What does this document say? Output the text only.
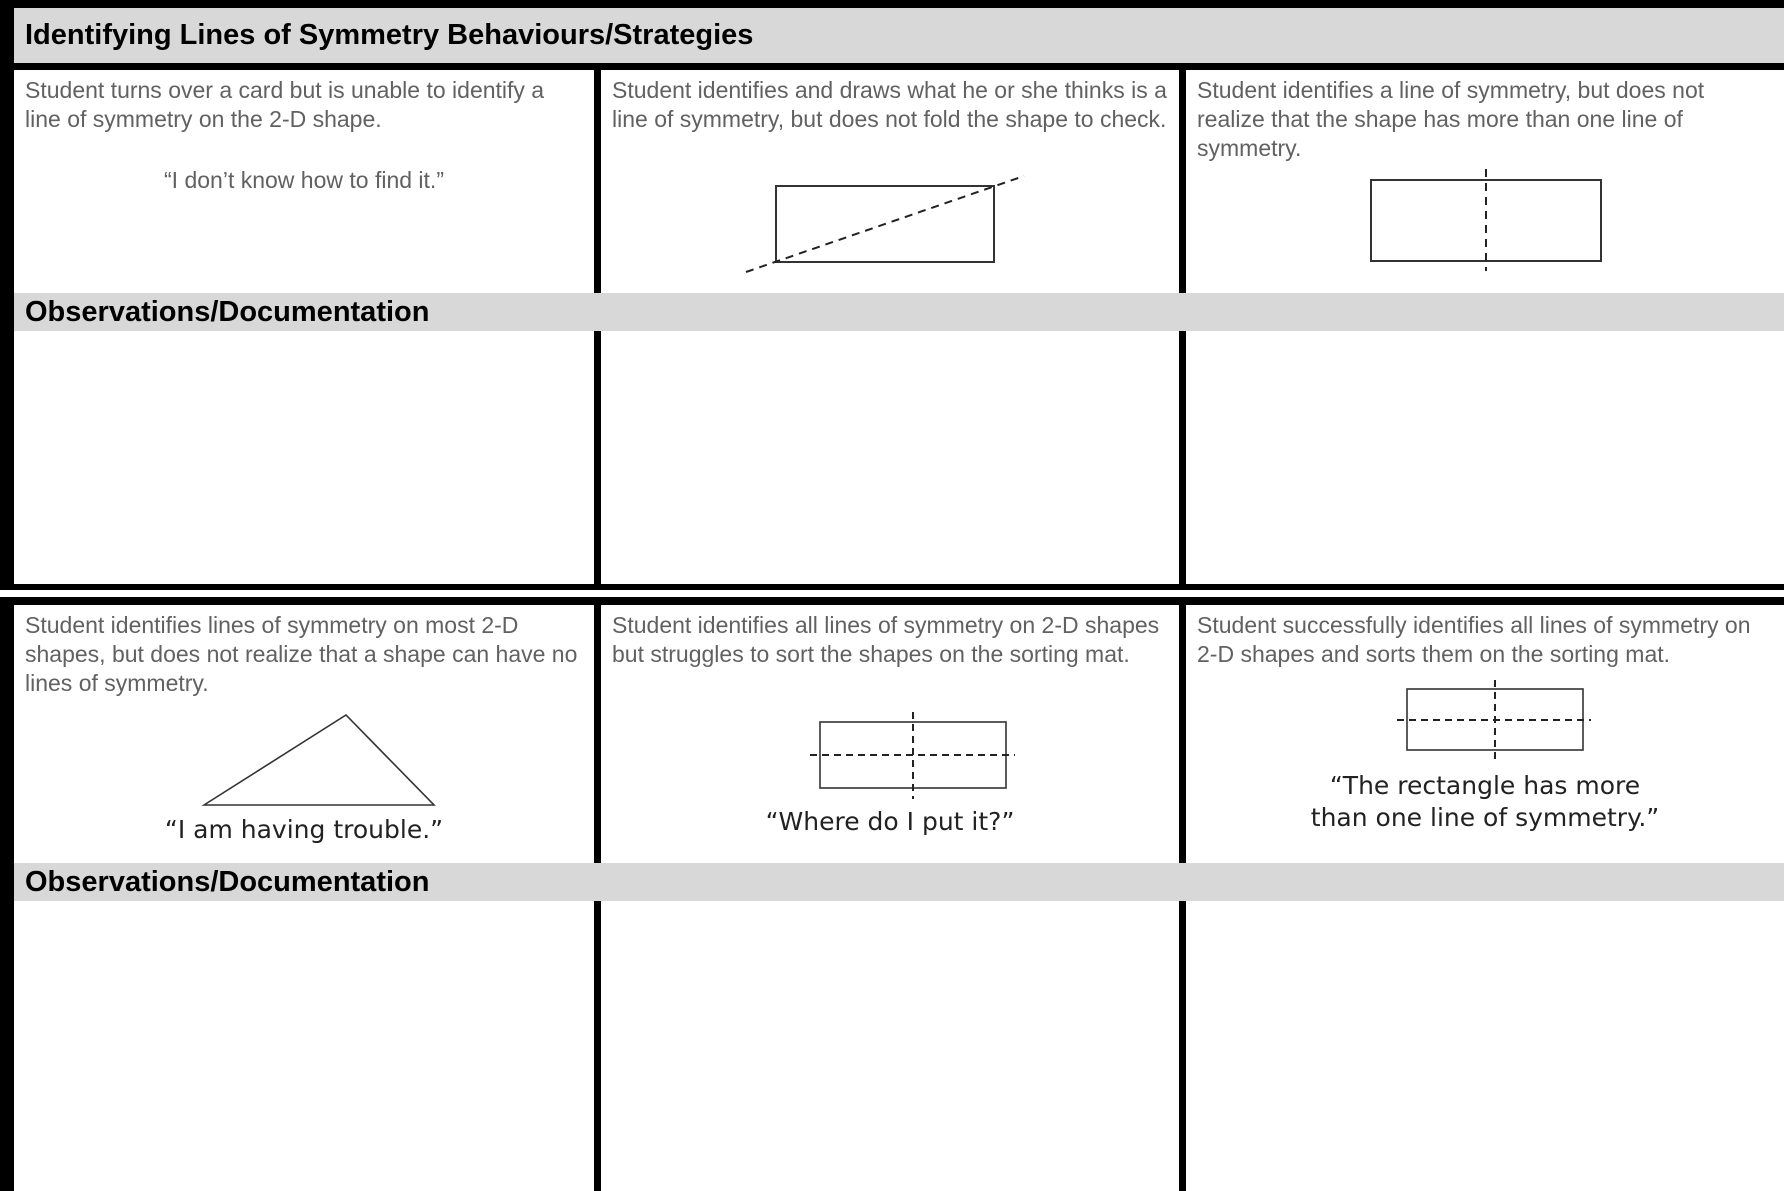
Identifying Lines of Symmetry Behaviours/Strategies

Student turns over a card but is unable to identify a line of symmetry on the 2-D shape.

“I don’t know how to find it.”

Student identifies and draws what he or she thinks is a line of symmetry, but does not fold the shape to check.

Student identifies a line of symmetry, but does not realize that the shape has more than one line of symmetry.

Observations/Documentation

Student identifies lines of symmetry on most 2-D shapes, but does not realize that a shape can have no lines of symmetry.

“I am having trouble.”

Student identifies all lines of symmetry on 2-D shapes but struggles to sort the shapes on the sorting mat.

“Where do I put it?”

Student successfully identifies all lines of symmetry on 2-D shapes and sorts them on the sorting mat.

“The rectangle has more
than one line of symmetry.”
Observations/Documentation
